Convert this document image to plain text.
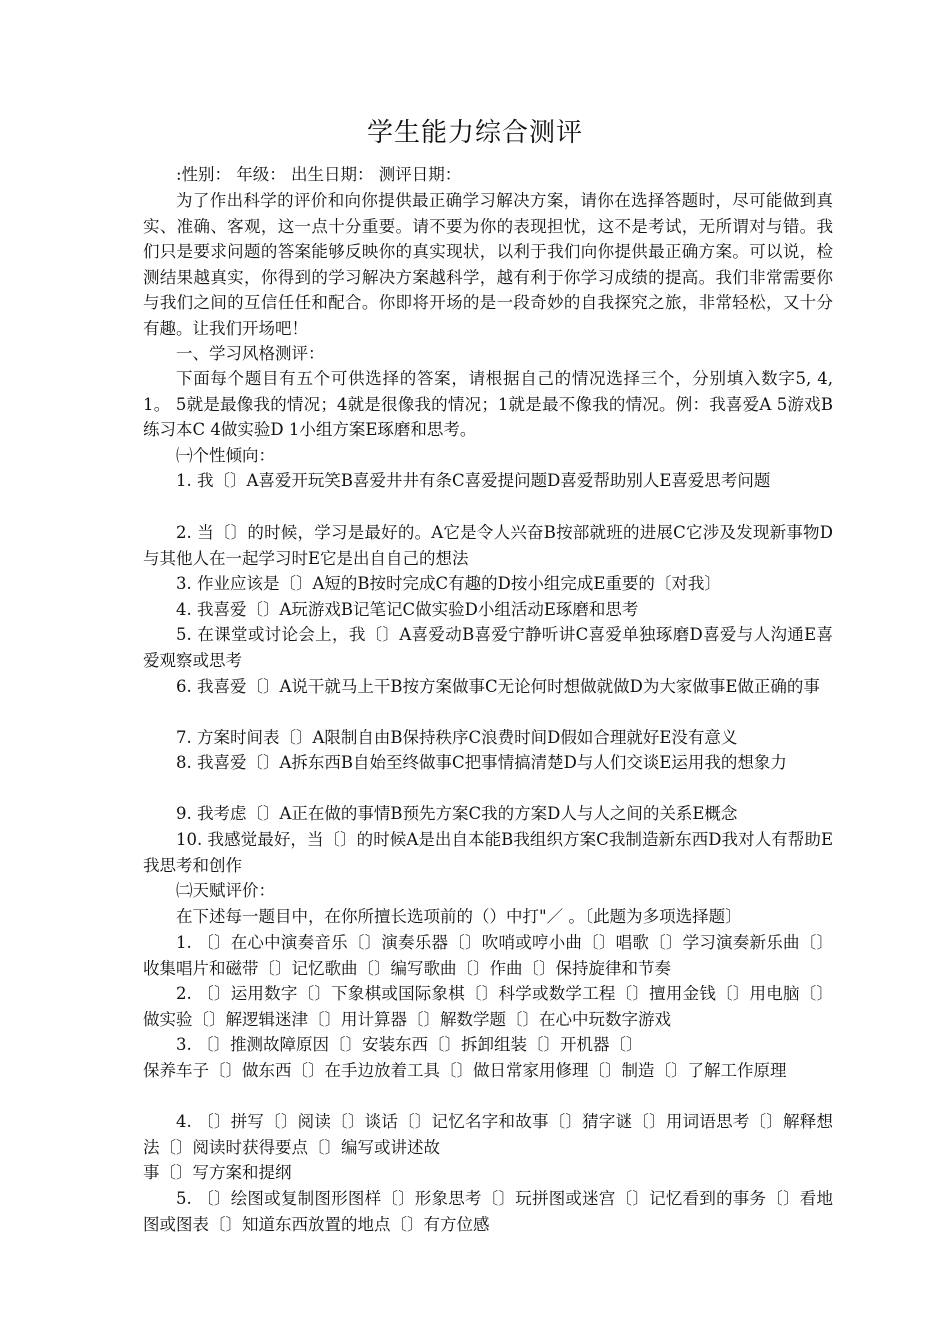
学生能力综合测评
:性别： 年级： 出生日期： 测评日期：
为了作出科学的评价和向你提供最正确学习解决方案，请你在选择答题时，尽可能做到真实、准确、客观，这一点十分重要。请不要为你的表现担忧，这不是考试，无所谓对与错。我们只是要求问题的答案能够反映你的真实现状，以利于我们向你提供最正确方案。可以说，检测结果越真实，你得到的学习解决方案越科学，越有利于你学习成绩的提高。我们非常需要你与我们之间的互信任任和配合。你即将开场的是一段奇妙的自我探究之旅，非常轻松，又十分有趣。让我们开场吧！
一、学习风格测评：
下面每个题目有五个可供选择的答案，请根据自己的情况选择三个，分别填入数字5, 4, 1。 5就是最像我的情况；4就是很像我的情况；1就是最不像我的情况。例：我喜爱A 5游戏B练习本C 4做实验D 1小组方案E琢磨和思考。
㈠个性倾向：
1. 我〔〕A喜爱开玩笑B喜爱井井有条C喜爱提问题D喜爱帮助别人E喜爱思考问题
2. 当〔〕的时候，学习是最好的。A它是令人兴奋B按部就班的进展C它涉及发现新事物D与其他人在一起学习时E它是出自自己的想法
3. 作业应该是〔〕A短的B按时完成C有趣的D按小组完成E重要的〔对我〕
4. 我喜爱〔〕A玩游戏B记笔记C做实验D小组活动E琢磨和思考
5. 在课堂或讨论会上，我〔〕A喜爱动B喜爱宁静听讲C喜爱单独琢磨D喜爱与人沟通E喜爱观察或思考
6. 我喜爱〔〕A说干就马上干B按方案做事C无论何时想做就做D为大家做事E做正确的事
7. 方案时间表〔〕A限制自由B保持秩序C浪费时间D假如合理就好E没有意义
8. 我喜爱〔〕A拆东西B自始至终做事C把事情搞清楚D与人们交谈E运用我的想象力
9. 我考虑〔〕A正在做的事情B预先方案C我的方案D人与人之间的关系E概念
10. 我感觉最好，当〔〕的时候A是出自本能B我组织方案C我制造新东西D我对人有帮助E我思考和创作
㈡天赋评价：
在下述每一题目中，在你所擅长选项前的（）中打"／ 。〔此题为多项选择题〕
1. 〔〕在心中演奏音乐〔〕演奏乐器〔〕吹哨或哼小曲〔〕唱歌〔〕学习演奏新乐曲〔〕收集唱片和磁带〔〕记忆歌曲〔〕编写歌曲〔〕作曲〔〕保持旋律和节奏
2. 〔〕运用数字〔〕下象棋或国际象棋〔〕科学或数学工程〔〕擅用金钱〔〕用电脑〔〕做实验〔〕解逻辑迷津〔〕用计算器〔〕解数学题〔〕在心中玩数字游戏
3. 〔〕推测故障原因〔〕安装东西〔〕拆卸组装〔〕开机器〔〕
保养车子〔〕做东西〔〕在手边放着工具〔〕做日常家用修理〔〕制造〔〕了解工作原理
4. 〔〕拼写〔〕阅读〔〕谈话〔〕记忆名字和故事〔〕猜字谜〔〕用词语思考〔〕解释想法〔〕阅读时获得要点〔〕编写或讲述故
事〔〕写方案和提纲
5. 〔〕绘图或复制图形图样〔〕形象思考〔〕玩拼图或迷宫〔〕记忆看到的事务〔〕看地图或图表〔〕知道东西放置的地点〔〕有方位感
